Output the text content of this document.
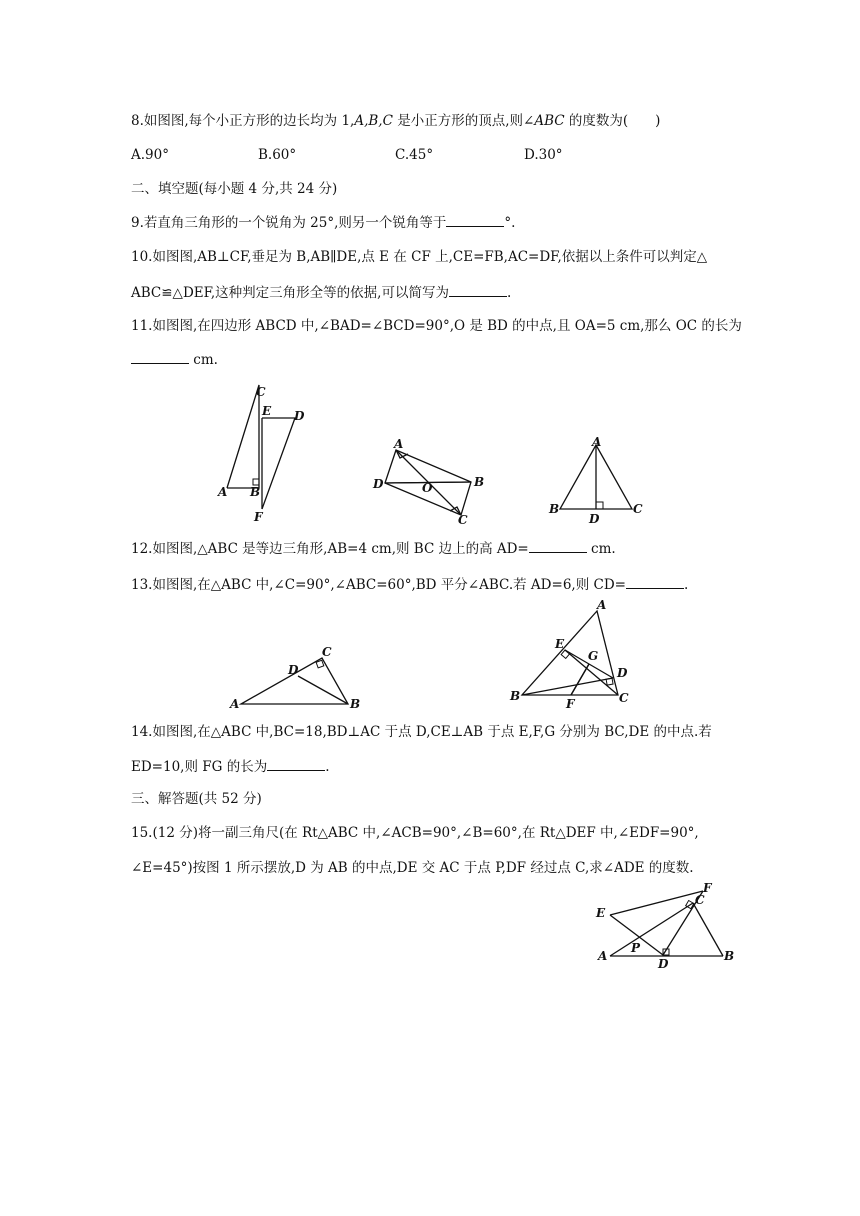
8.如图图,每个小正方形的边长均为 1,A,B,C 是小正方形的顶点,则∠ABC 的度数为(　　)
A.90°	B.60°	C.45°	D.30°
二、填空题(每小题 4 分,共 24 分)
9.若直角三角形的一个锐角为 25°,则另一个锐角等于	°.
10.如图图,AB⊥CF,垂足为 B,AB∥DE,点 E 在 CF 上,CE=FB,AC=DF,依据以上条件可以判定△
ABC≌△DEF,这种判定三角形全等的依据,可以简写为	.
11.如图图,在四边形 ABCD 中,∠BAD=∠BCD=90°,O 是 BD 的中点,且 OA=5 cm,那么 OC 的长为
cm.
C
E D
A B
F
A
D	O	B
C
A
B
D
C
12.如图图,△ABC 是等边三角形,AB=4 cm,则 BC 边上的高 AD=	cm.
13.如图图,在△ABC 中,∠C=90°,∠ABC=60°,BD 平分∠ABC.若 AD=6,则 CD=	.
C
D
A	B
A
E
G
D
B
F	C
14.如图图,在△ABC 中,BC=18,BD⊥AC 于点 D,CE⊥AB 于点 E,F,G 分别为 BC,DE 的中点.若
ED=10,则 FG 的长为	.
三、解答题(共 52 分)
15.(12 分)将一副三角尺(在 Rt△ABC 中,∠ACB=90°,∠B=60°,在 Rt△DEF 中,∠EDF=90°,
∠E=45°)按图 1 所示摆放,D 为 AB 的中点,DE 交 AC 于点 P,DF 经过点 C,求∠ADE 的度数.
F
C
E
P
A
D
B
